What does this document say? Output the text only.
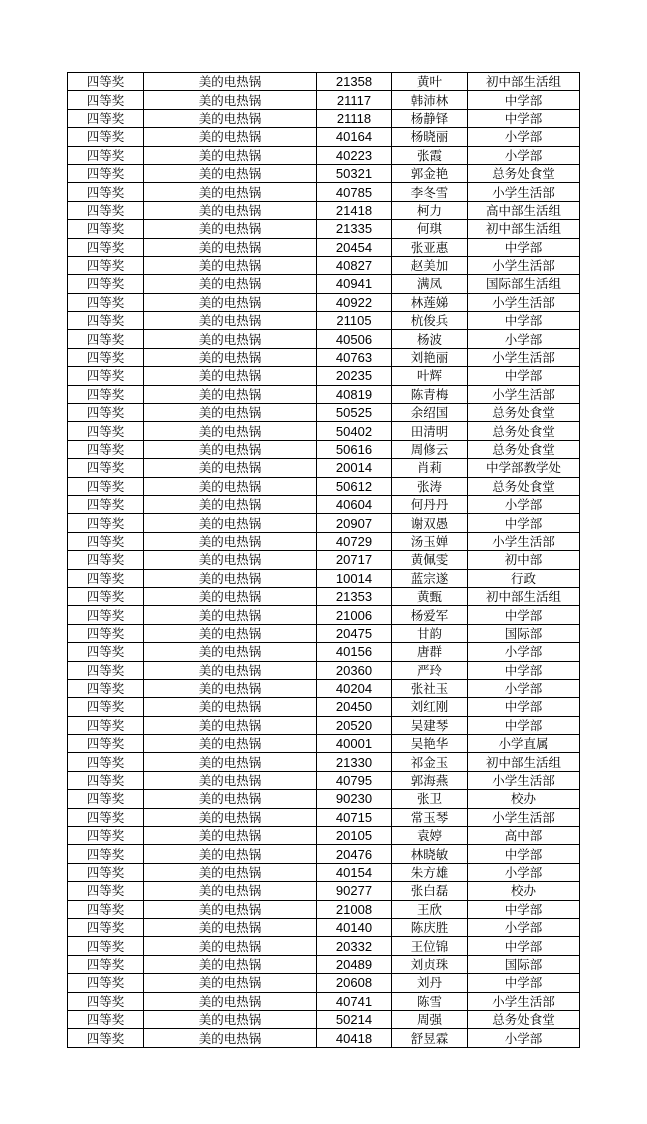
四等奖	美的电热锅	21358	黄叶	初中部生活组
四等奖	美的电热锅	21117	韩沛林	中学部
四等奖	美的电热锅	21118	杨静铎	中学部
四等奖	美的电热锅	40164	杨晓丽	小学部
四等奖	美的电热锅	40223	张霞	小学部
四等奖	美的电热锅	50321	郭金艳	总务处食堂
四等奖	美的电热锅	40785	李冬雪	小学生活部
四等奖	美的电热锅	21418	柯力	高中部生活组
四等奖	美的电热锅	21335	何琪	初中部生活组
四等奖	美的电热锅	20454	张亚惠	中学部
四等奖	美的电热锅	40827	赵美加	小学生活部
四等奖	美的电热锅	40941	满凤	国际部生活组
四等奖	美的电热锅	40922	林莲娣	小学生活部
四等奖	美的电热锅	21105	杭俊兵	中学部
四等奖	美的电热锅	40506	杨波	小学部
四等奖	美的电热锅	40763	刘艳丽	小学生活部
四等奖	美的电热锅	20235	叶辉	中学部
四等奖	美的电热锅	40819	陈青梅	小学生活部
四等奖	美的电热锅	50525	余绍国	总务处食堂
四等奖	美的电热锅	50402	田清明	总务处食堂
四等奖	美的电热锅	50616	周修云	总务处食堂
四等奖	美的电热锅	20014	肖莉	中学部教学处
四等奖	美的电热锅	50612	张涛	总务处食堂
四等奖	美的电热锅	40604	何丹丹	小学部
四等奖	美的电热锅	20907	谢双愚	中学部
四等奖	美的电热锅	40729	汤玉婵	小学生活部
四等奖	美的电热锅	20717	黄佩雯	初中部
四等奖	美的电热锅	10014	蓝宗遂	行政
四等奖	美的电热锅	21353	黄甄	初中部生活组
四等奖	美的电热锅	21006	杨爱军	中学部
四等奖	美的电热锅	20475	甘韵	国际部
四等奖	美的电热锅	40156	唐群	小学部
四等奖	美的电热锅	20360	严玲	中学部
四等奖	美的电热锅	40204	张社玉	小学部
四等奖	美的电热锅	20450	刘红刚	中学部
四等奖	美的电热锅	20520	吴建琴	中学部
四等奖	美的电热锅	40001	吴艳华	小学直属
四等奖	美的电热锅	21330	祁金玉	初中部生活组
四等奖	美的电热锅	40795	郭海燕	小学生活部
四等奖	美的电热锅	90230	张卫	校办
四等奖	美的电热锅	40715	常玉琴	小学生活部
四等奖	美的电热锅	20105	袁婷	高中部
四等奖	美的电热锅	20476	林晓敏	中学部
四等奖	美的电热锅	40154	朱方雄	小学部
四等奖	美的电热锅	90277	张白磊	校办
四等奖	美的电热锅	21008	王欣	中学部
四等奖	美的电热锅	40140	陈庆胜	小学部
四等奖	美的电热锅	20332	王位锦	中学部
四等奖	美的电热锅	20489	刘贞珠	国际部
四等奖	美的电热锅	20608	刘丹	中学部
四等奖	美的电热锅	40741	陈雪	小学生活部
四等奖	美的电热锅	50214	周强	总务处食堂
四等奖	美的电热锅	40418	舒昱霖	小学部
